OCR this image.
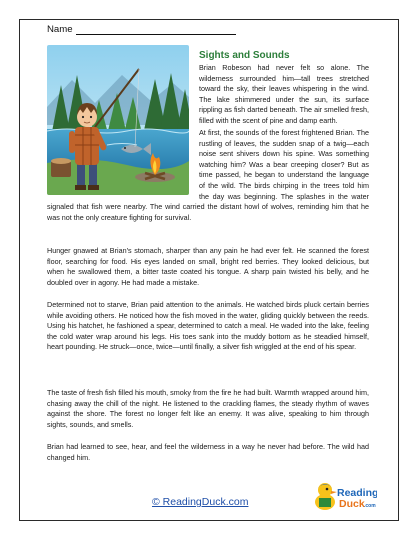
Name
Sights and Sounds

Brian Robeson had never felt so alone. The wilderness surrounded him—tall trees stretched toward the sky, their leaves whispering in the wind. The lake shimmered under the sun, its surface rippling as fish darted beneath. The air smelled fresh, filled with the scent of pine and damp earth.

At first, the sounds of the forest frightened Brian. The rustling of leaves, the sudden snap of a twig—each noise sent shivers down his spine. Was something watching him? Was a bear creeping closer? But as time passed, he began to understand the language of the wild. The birds chirping in the trees told him the day was beginning. The splashes in the water signaled that fish were nearby. The wind carried the distant howl of wolves, reminding him that he was not the only creature fighting for survival.

Hunger gnawed at Brian's stomach, sharper than any pain he had ever felt. He scanned the forest floor, searching for food. His eyes landed on small, bright red berries. They looked delicious, but when he swallowed them, a bitter taste coated his tongue. A sharp pain twisted his belly, and he doubled over in agony. He had made a mistake.

Determined not to starve, Brian paid attention to the animals. He watched birds pluck certain berries while avoiding others. He noticed how the fish moved in the water, gliding quickly between the reeds. Using his hatchet, he fashioned a spear, determined to catch a meal. He waded into the lake, feeling the cold water wrap around his legs. His toes sank into the muddy bottom as he steadied himself, heart pounding. He struck—once, twice—until finally, a silver fish wriggled at the end of his spear.

The taste of fresh fish filled his mouth, smoky from the fire he had built. Warmth wrapped around him, chasing away the chill of the night. He listened to the crackling flames, the steady rhythm of waves against the shore. The forest no longer felt like an enemy. It was alive, speaking to him through sights, sounds, and smells.

Brian had learned to see, hear, and feel the wilderness in a way he never had before. The wild had changed him.

© ReadingDuck.com
Reading
Duck .com
